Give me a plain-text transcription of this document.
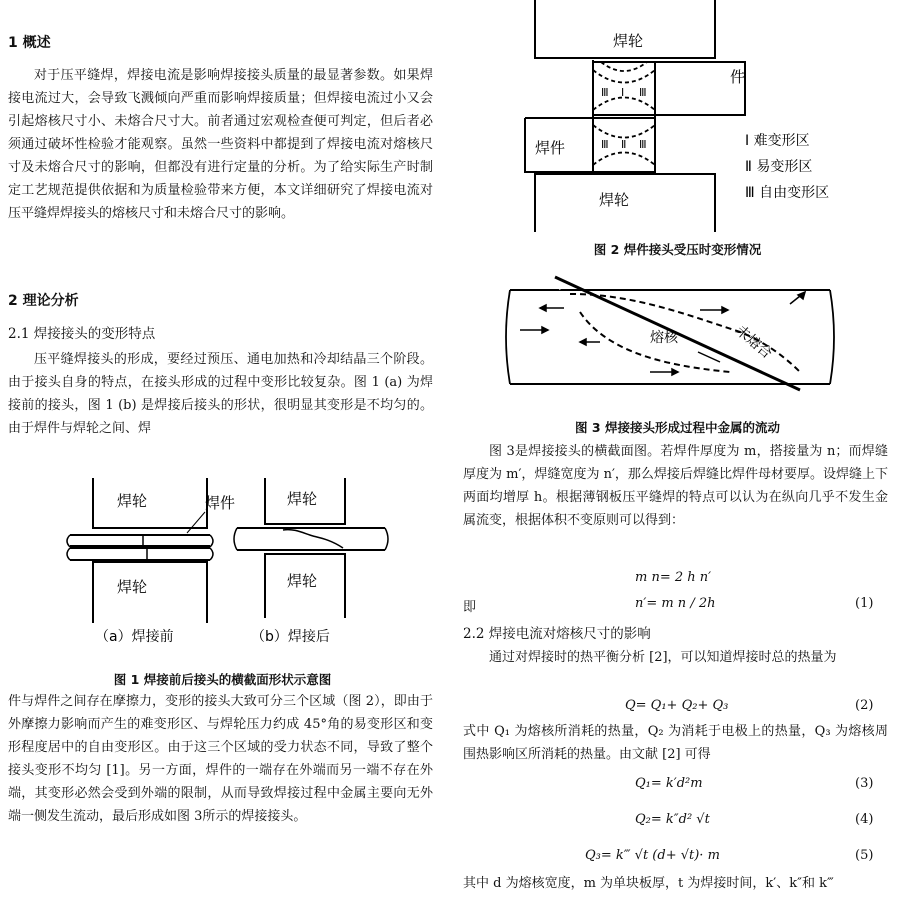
1 概述
对于压平缝焊，焊接电流是影响焊接接头质量的最显著参数。如果焊接电流过大，会导致飞溅倾向严重而影响焊接质量；但焊接电流过小又会引起熔核尺寸小、未熔合尺寸大。前者通过宏观检查便可判定，但后者必须通过破坏性检验才能观察。虽然一些资料中都提到了焊接电流对熔核尺寸及未熔合尺寸的影响，但都没有进行定量的分析。为了给实际生产时制定工艺规范提供依据和为质量检验带来方便，本文详细研究了焊接电流对压平缝焊焊接头的熔核尺寸和未熔合尺寸的影响。
2 理论分析
2.1 焊接接头的变形特点
压平缝焊接头的形成，要经过预压、通电加热和冷却结晶三个阶段。由于接头自身的特点，在接头形成的过程中变形比较复杂。图 1 (a) 为焊接前的接头，图 1 (b) 是焊接后接头的形状，很明显其变形是不均匀的。由于焊件与焊轮之间、焊
焊轮
焊轮
焊件	焊轮
焊轮
（a）焊接前	（b）焊接后
图 1 焊接前后接头的横截面形状示意图
件与焊件之间存在摩擦力，变形的接头大致可分三个区域（图 2），即由于外摩擦力影响而产生的难变形区、与焊轮压力约成 45°角的易变形区和变形程度居中的自由变形区。由于这三个区域的受力状态不同，导致了整个接头变形不均匀 [1]。另一方面，焊件的一端存在外端而另一端不存在外端，其变形必然会受到外端的限制，从而导致焊接过程中金属主要向无外端一侧发生流动，最后形成如图 3所示的焊接接头。
焊轮
件
焊件
Ⅲ Ⅰ Ⅲ
Ⅲ Ⅱ Ⅲ
焊轮
Ⅰ 难变形区
Ⅱ 易变形区
Ⅲ 自由变形区
图 2 焊件接头受压时变形情况
熔核	未熔合
图 3 焊接接头形成过程中金属的流动
图 3是焊接接头的横截面图。若焊件厚度为 m，搭接量为 n；而焊缝厚度为 m′，焊缝宽度为 n′，那么焊接后焊缝比焊件母材要厚。设焊缝上下两面均增厚 h。根据薄钢板压平缝焊的特点可以认为在纵向几乎不发生金属流变，根据体积不变原则可以得到：
m n= 2 h n′
即	n′= m n / 2h	(1)
2.2 焊接电流对熔核尺寸的影响
通过对焊接时的热平衡分析 [2]，可以知道焊接时总的热量为
Q= Q₁+ Q₂+ Q₃	(2)
式中 Q₁ 为熔核所消耗的热量，Q₂ 为消耗于电极上的热量，Q₃ 为熔核周围热影响区所消耗的热量。由文献 [2] 可得
Q₁= k′d²m	(3)
Q₂= k″d² √t	(4)
Q₃= k‴ √t (d+ √t)· m	(5)
其中 d 为熔核宽度，m 为单块板厚，t 为焊接时间，k′、k″和 k‴
